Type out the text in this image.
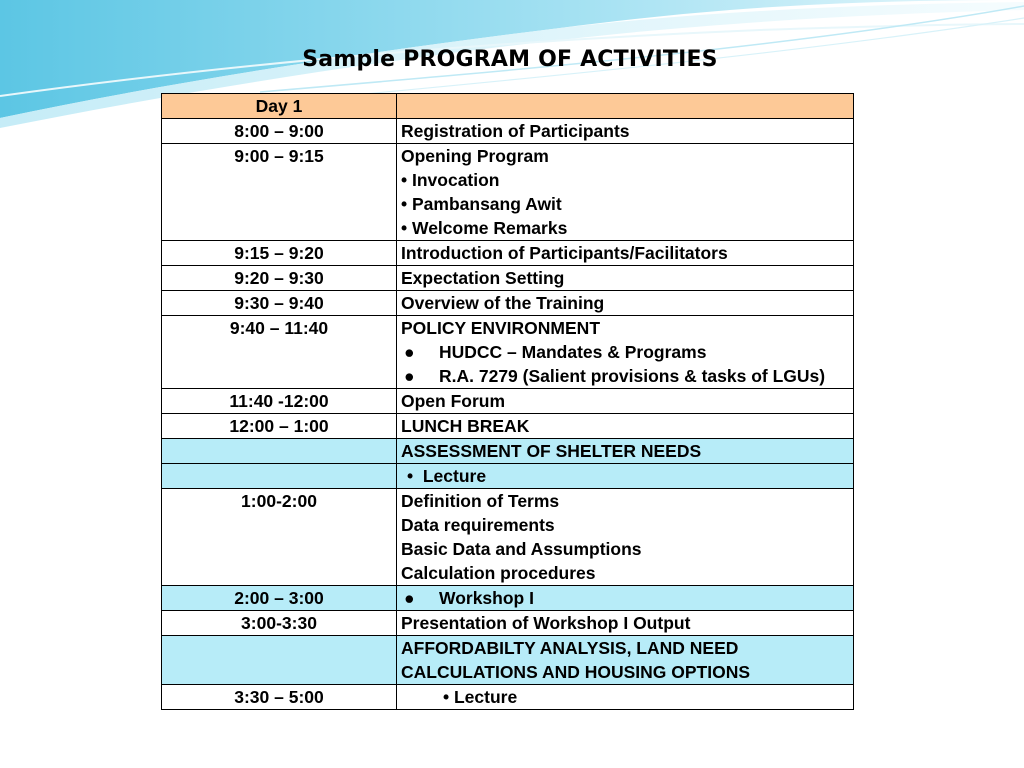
Sample PROGRAM OF ACTIVITIES
Day 1	
8:00 – 9:00	Registration of Participants

9:00 – 9:15	Opening Program
• Invocation
• Pambansang Awit
• Welcome Remarks

9:15 – 9:20	Introduction of Participants/Facilitators

9:20 – 9:30	Expectation Setting

9:30 – 9:40	Overview of the Training

9:40 – 11:40	POLICY ENVIRONMENT
● HUDCC – Mandates & Programs
● R.A. 7279 (Salient provisions & tasks of LGUs)

11:40 -12:00	Open Forum

12:00 – 1:00	LUNCH BREAK

	ASSESSMENT OF SHELTER NEEDS

	•  Lecture

1:00-2:00	Definition of Terms
Data requirements
Basic Data and Assumptions
Calculation procedures

2:00 – 3:00	● Workshop I

3:00-3:30	Presentation of Workshop I Output

	AFFORDABILTY ANALYSIS, LAND NEED CALCULATIONS AND HOUSING OPTIONS

3:30 – 5:00	• Lecture
